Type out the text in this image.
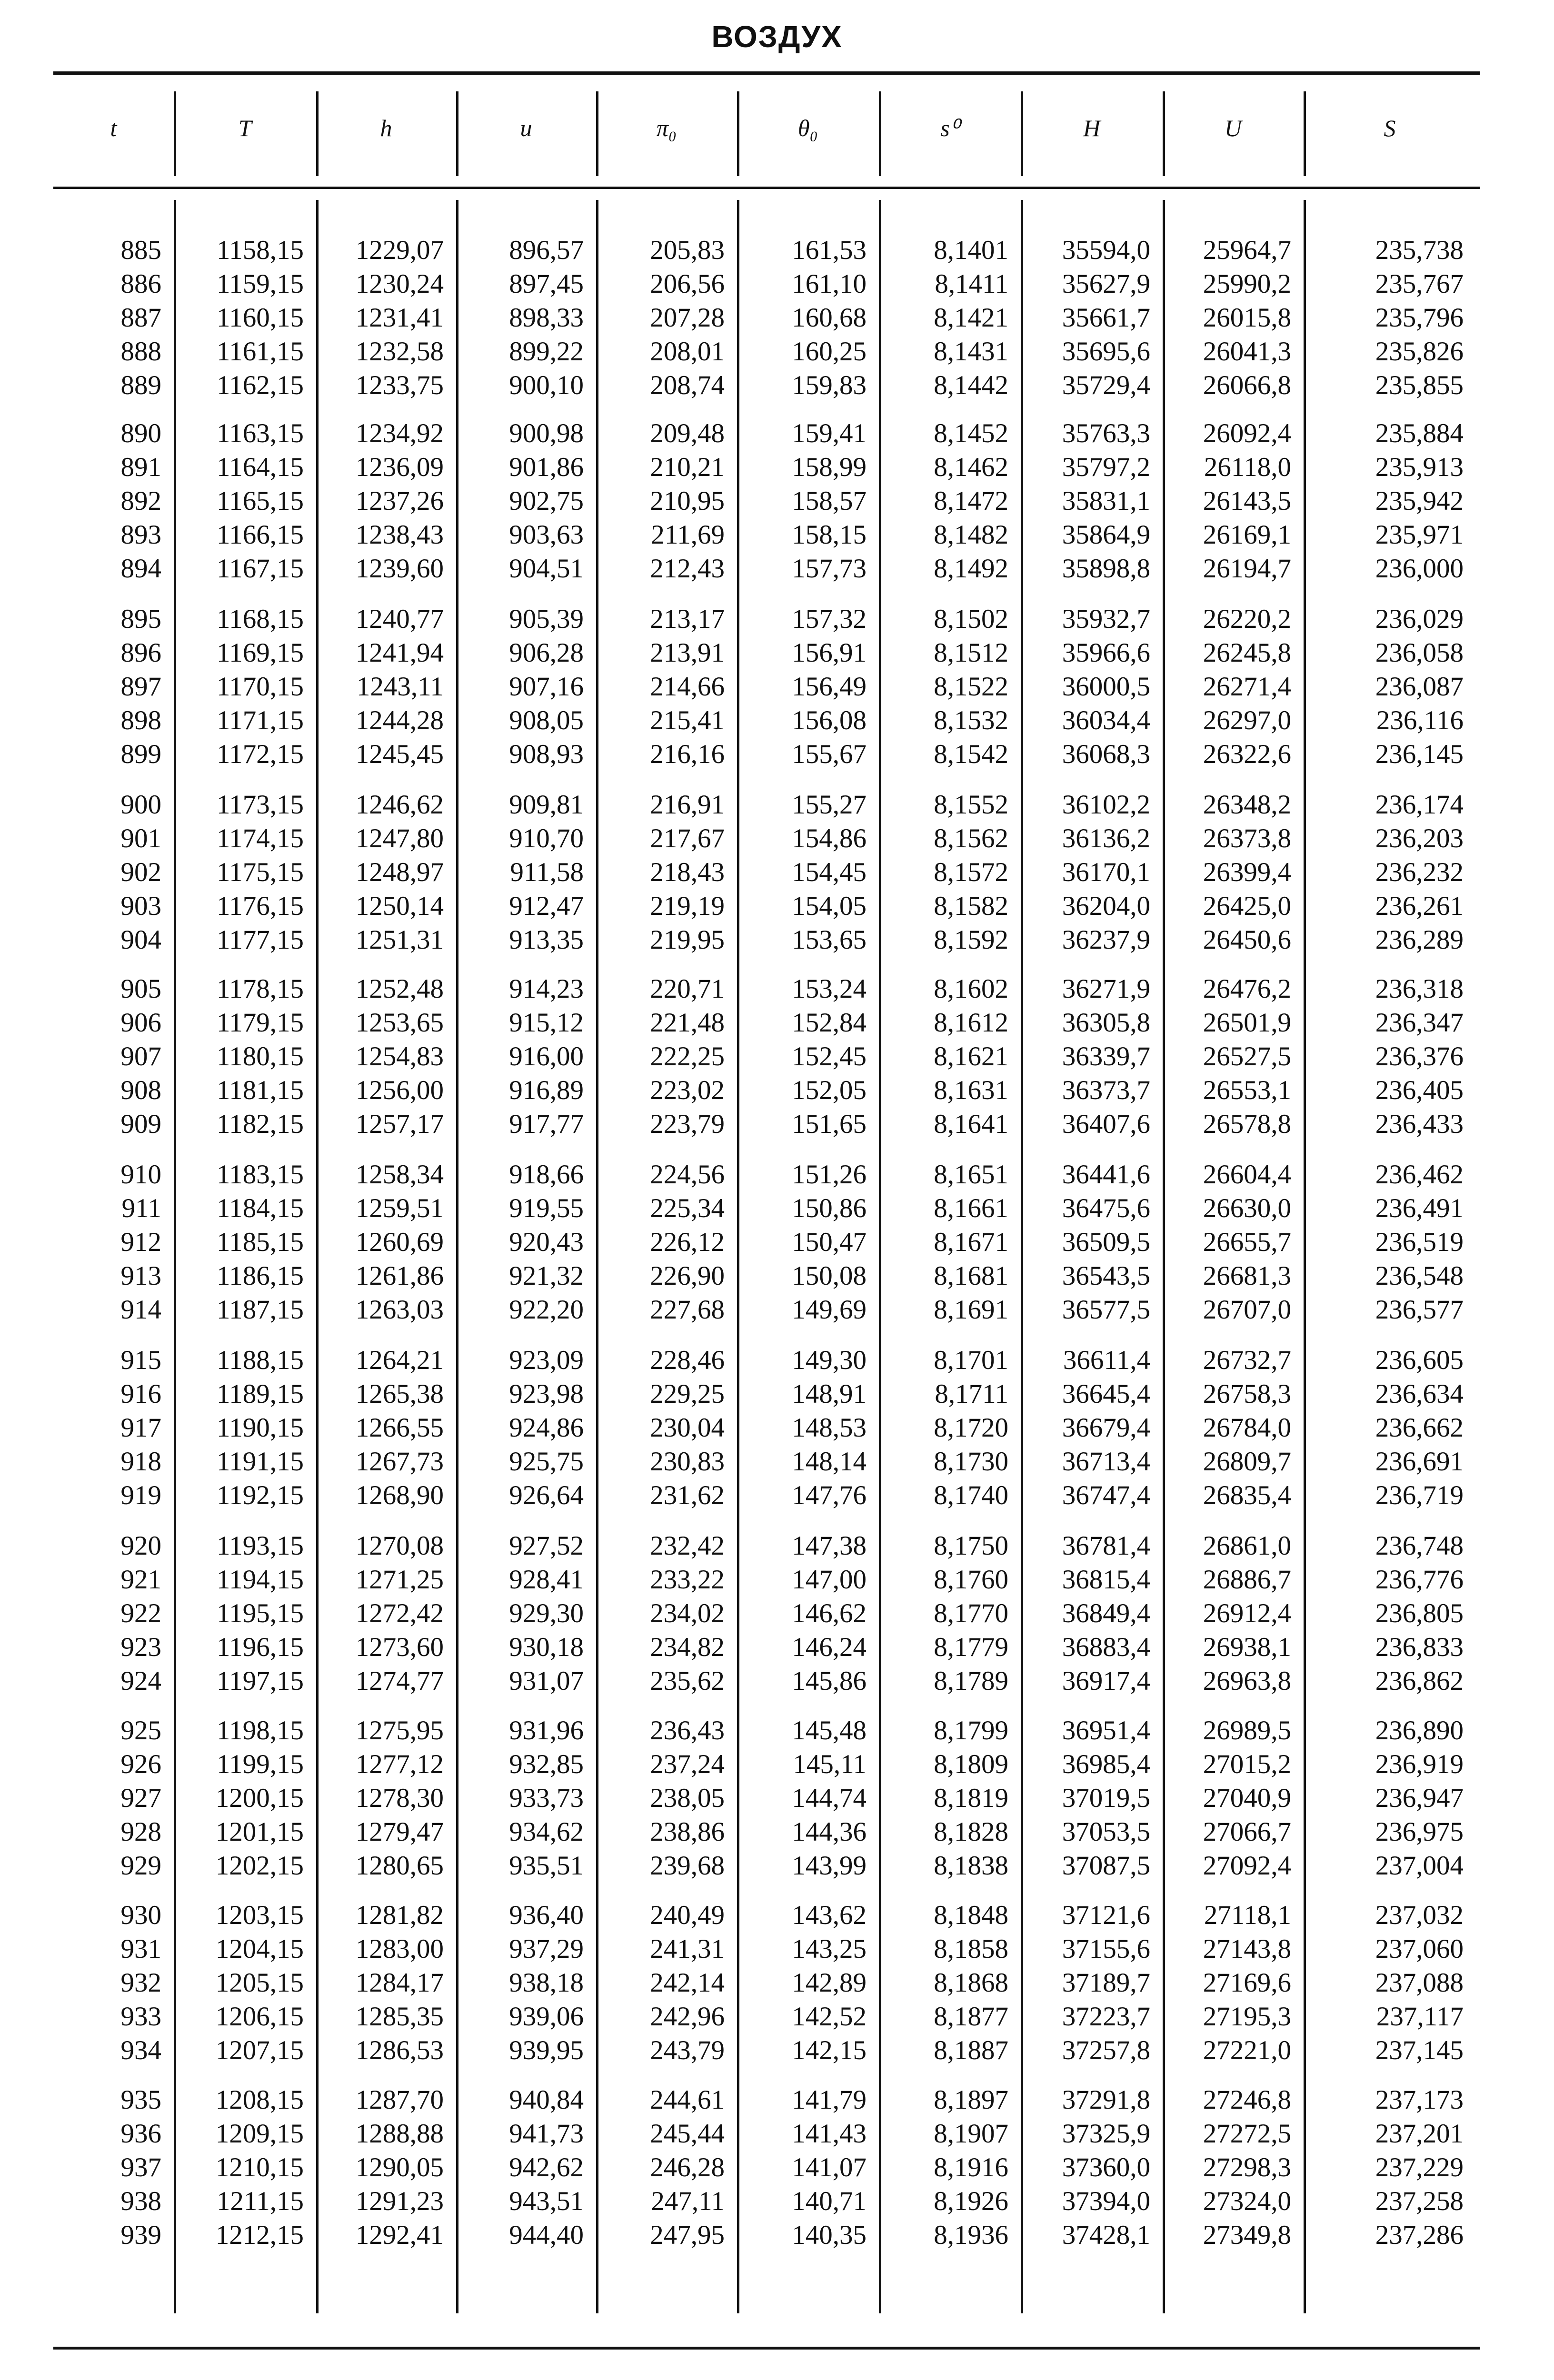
ВОЗДУХ
t	T	h	u	π₀	θ₀	s⁰	H	U	S
885	1158,15	1229,07	896,57	205,83	161,53	8,1401	35594,0	25964,7	235,738
886	1159,15	1230,24	897,45	206,56	161,10	8,1411	35627,9	25990,2	235,767
887	1160,15	1231,41	898,33	207,28	160,68	8,1421	35661,7	26015,8	235,796
888	1161,15	1232,58	899,22	208,01	160,25	8,1431	35695,6	26041,3	235,826
889	1162,15	1233,75	900,10	208,74	159,83	8,1442	35729,4	26066,8	235,855
890	1163,15	1234,92	900,98	209,48	159,41	8,1452	35763,3	26092,4	235,884
891	1164,15	1236,09	901,86	210,21	158,99	8,1462	35797,2	26118,0	235,913
892	1165,15	1237,26	902,75	210,95	158,57	8,1472	35831,1	26143,5	235,942
893	1166,15	1238,43	903,63	211,69	158,15	8,1482	35864,9	26169,1	235,971
894	1167,15	1239,60	904,51	212,43	157,73	8,1492	35898,8	26194,7	236,000
895	1168,15	1240,77	905,39	213,17	157,32	8,1502	35932,7	26220,2	236,029
896	1169,15	1241,94	906,28	213,91	156,91	8,1512	35966,6	26245,8	236,058
897	1170,15	1243,11	907,16	214,66	156,49	8,1522	36000,5	26271,4	236,087
898	1171,15	1244,28	908,05	215,41	156,08	8,1532	36034,4	26297,0	236,116
899	1172,15	1245,45	908,93	216,16	155,67	8,1542	36068,3	26322,6	236,145
900	1173,15	1246,62	909,81	216,91	155,27	8,1552	36102,2	26348,2	236,174
901	1174,15	1247,80	910,70	217,67	154,86	8,1562	36136,2	26373,8	236,203
902	1175,15	1248,97	911,58	218,43	154,45	8,1572	36170,1	26399,4	236,232
903	1176,15	1250,14	912,47	219,19	154,05	8,1582	36204,0	26425,0	236,261
904	1177,15	1251,31	913,35	219,95	153,65	8,1592	36237,9	26450,6	236,289
905	1178,15	1252,48	914,23	220,71	153,24	8,1602	36271,9	26476,2	236,318
906	1179,15	1253,65	915,12	221,48	152,84	8,1612	36305,8	26501,9	236,347
907	1180,15	1254,83	916,00	222,25	152,45	8,1621	36339,7	26527,5	236,376
908	1181,15	1256,00	916,89	223,02	152,05	8,1631	36373,7	26553,1	236,405
909	1182,15	1257,17	917,77	223,79	151,65	8,1641	36407,6	26578,8	236,433
910	1183,15	1258,34	918,66	224,56	151,26	8,1651	36441,6	26604,4	236,462
911	1184,15	1259,51	919,55	225,34	150,86	8,1661	36475,6	26630,0	236,491
912	1185,15	1260,69	920,43	226,12	150,47	8,1671	36509,5	26655,7	236,519
913	1186,15	1261,86	921,32	226,90	150,08	8,1681	36543,5	26681,3	236,548
914	1187,15	1263,03	922,20	227,68	149,69	8,1691	36577,5	26707,0	236,577
915	1188,15	1264,21	923,09	228,46	149,30	8,1701	36611,4	26732,7	236,605
916	1189,15	1265,38	923,98	229,25	148,91	8,1711	36645,4	26758,3	236,634
917	1190,15	1266,55	924,86	230,04	148,53	8,1720	36679,4	26784,0	236,662
918	1191,15	1267,73	925,75	230,83	148,14	8,1730	36713,4	26809,7	236,691
919	1192,15	1268,90	926,64	231,62	147,76	8,1740	36747,4	26835,4	236,719
920	1193,15	1270,08	927,52	232,42	147,38	8,1750	36781,4	26861,0	236,748
921	1194,15	1271,25	928,41	233,22	147,00	8,1760	36815,4	26886,7	236,776
922	1195,15	1272,42	929,30	234,02	146,62	8,1770	36849,4	26912,4	236,805
923	1196,15	1273,60	930,18	234,82	146,24	8,1779	36883,4	26938,1	236,833
924	1197,15	1274,77	931,07	235,62	145,86	8,1789	36917,4	26963,8	236,862
925	1198,15	1275,95	931,96	236,43	145,48	8,1799	36951,4	26989,5	236,890
926	1199,15	1277,12	932,85	237,24	145,11	8,1809	36985,4	27015,2	236,919
927	1200,15	1278,30	933,73	238,05	144,74	8,1819	37019,5	27040,9	236,947
928	1201,15	1279,47	934,62	238,86	144,36	8,1828	37053,5	27066,7	236,975
929	1202,15	1280,65	935,51	239,68	143,99	8,1838	37087,5	27092,4	237,004
930	1203,15	1281,82	936,40	240,49	143,62	8,1848	37121,6	27118,1	237,032
931	1204,15	1283,00	937,29	241,31	143,25	8,1858	37155,6	27143,8	237,060
932	1205,15	1284,17	938,18	242,14	142,89	8,1868	37189,7	27169,6	237,088
933	1206,15	1285,35	939,06	242,96	142,52	8,1877	37223,7	27195,3	237,117
934	1207,15	1286,53	939,95	243,79	142,15	8,1887	37257,8	27221,0	237,145
935	1208,15	1287,70	940,84	244,61	141,79	8,1897	37291,8	27246,8	237,173
936	1209,15	1288,88	941,73	245,44	141,43	8,1907	37325,9	27272,5	237,201
937	1210,15	1290,05	942,62	246,28	141,07	8,1916	37360,0	27298,3	237,229
938	1211,15	1291,23	943,51	247,11	140,71	8,1926	37394,0	27324,0	237,258
939	1212,15	1292,41	944,40	247,95	140,35	8,1936	37428,1	27349,8	237,286
